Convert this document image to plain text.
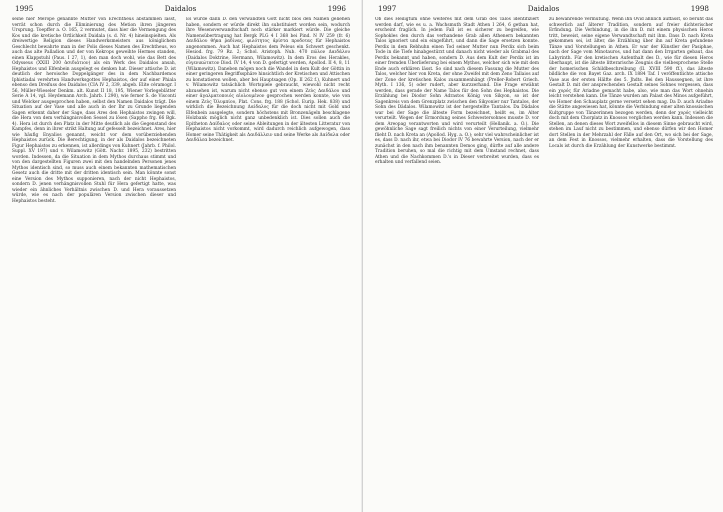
1995	Daidalos	1996

seine hier Merope genannte Mutter von Erechtheus abstammen lässt, verrät schon durch die Eliminierung des Metion ihren jüngeren Ursprung. Toepffer a. O. 165, 2 vermutet, dass hier die Vermengung des Kos und die kretische Ortlichkeit Daidala (s. d. Nr. 4) hineinspielten. Als dreiwertige Religion dieses Handwerksmeisters aus königlichem Geschlecht bewahrte man in der Polis dieses Namen des Erechtheus, wo auch das alte Palladion und der von Kekrops geweihte Hermes standen, einen Klappstuhl (Paus. I 27, 1), den man doch wohl, wie das Bett des Odysseus (XXIII 200 ἀσιδιάτιον) als ein Werk des Daidalos ansah, Hephaistos und Elfenbein ausgelegt es denken hat. Dieser attische D. ist deutlich der heroische Doppelgänger des in dem Nachbardemos Iphistiadai verehrten Handwerksgottes Hephaistos, der auf einer Phiala ebenso den Dreifuss des Daidalos (CIA IV 2, 339, abgeb. Elite céramogr. I 56, Müller-Wieseler Denkm. alt. Kunst II 18, 195, Wiener Vorlegeblätter Serie A 14, vgl. Heydemann Arch. Jahrb. I 290), wie ferner S. de Visconti und Welcker ausgesprochen haben, selbst den Namen Daidalos trägt. Die Situation auf der Vase und alle auch in der Ihr zu Grunde liegenden Sagen erkennt daher der Sage, dass Ares den Hephaistos zwingen will, die Hera von dem verhängnisvollen Sessel zu lösen (Sappho frg. 66 Bgk. 4). Hera ist durch den Platz in der Mitte deutlich als die Gegenstand des Kampfes, denn in ihrer strikt Haltung auf gefesselt bezeichnet. Ares, hier wie häufig Enyalios genannt, weicht vor dem vorüberziehenden Hephaistos zurück. Die Berechtigung, in der als Daidalos bezeichneten Figur Hephaistos zu erkennen, ist allerdings von Kuhnert (Jahrb. f. Philol. Suppl. XV 197) und v. Wilamowitz (Gött. Nachr. 1895, 232) bestritten worden. Indessen, da die Situation in dem Mythos durchaus stimmt und von den dargestellten Figuren zwei mit den handelnden Personen jenes Mythos identisch sind, so muss auch einem bekannten mathematischen Gesetz auch die dritte mit der dritten identisch sein. Man könnte sonst eine Version des Mythos supponieren, nach der nicht Hephaistos, sondern D. jenen verhängnisvollen Stuhl für Hera gefertigt hatte, was wieder ein ähnliches Verhältnis zwischen D. und Hera voraussetzen würde, wie es nach der populären Version zwischen dieser und Hephaistos besteht.

Es würde dann D. den verwandten Gott nicht blos den Namen geliehen haben, sondern er würde direkt ihn substituiert worden sein, wodurch ihre Wesensverwandtschaft noch stärker markiert würde. Die gleiche Namensübertragung hat Bergk PLG 4 I 368 bei Pind. N IV 259 (fr. 6) Δαιδάλου θήκα ῥαδίνας, φιλότητος ἀρίστα προδοτας für Hephaistos angenommen. Auch hat Hephaistos dem Peleus ein Schwert geschenkt. Hesiod. frg. 79 Rz. 2; Schol. Aristoph. Nub. 470 πῶλον Δαιδάλου (Daidalos Doktrine, Hermann, Wilamowitz). In dem Eros des Herakles, εὐγενικώτατον Diod. IV 14, 4 von D. gefertigt werden, Apollod. II 4, 8, 11 (Wilamowitz). Daneben mögen noch die Wandel in dem Kult der Göttin in einer geringeren Begriffssphäre hinsichtlich der Kretischen und Attischen zu konstatieren wollen, aber bei Hauptsagen (Op. II 262 f.), Kuhnert und v. Wilamowitz tatsächlich Wortspiele gebraucht, wiewohl nicht recht abzusehen ist, warum nicht ebenso gut von einem Ζεὺς Δαιδάλου und einer ἀγαλματοποιός αἰολουμένον gesprochen werden konnte, wie von einem Ζεὺς Ὀλυμπίου, Plat. Cons. frg. 188 (Schol. Eurip. Hek. 838) und wirklich die Bezeichnung Δαίδαλος für die doch nicht mit Gold und Elfenbein ausgelegte, sondern höchstens mit Bronzenägeln beschlagene Holzbank möglich nicht ganz unbedenklich ist. Dies sollen auch die Epitheton Δαίδαλος oder seine Ableitungen in der ältesten Litteratur von Hephaistos nicht vorkommt, wird dadurch reichlich aufgewogen, dass Homer seine Thätigkeit als Δαιδάλλειν und seine Werke als Δαίδαλα oder Δαιδάλεα bezeichnet.

1997	Daidalos	1998

Ob dies Heiligtum ohne weiteres mit dem Grab des Talos identifiziert werden darf, wie es u. a. Wachsmuth Stadt Athen I 264, 6 gethan hat, erscheint fraglich. In jedem Fall ist es sicherer zu begreifen, wie Sophokles den durch das verhandene Grab allen Athenern bekannten Talos ignoriert und ein eingeführt, und dann die Sage ersetzen konnte. Perdix in dem Rebhuhn einen Tod seiner Mutter nun Perdix sich beim Tode in die Tiefe hinabgestürzt und danach nicht wieder als Grabmal des Perdix bekannt und haben, sondern D. Aus dem Kult der Perdix ist im einer fremden Überlieferung bei einem Mythos, welcher sich wie mit dem Ende auch erklären lässt. So sind nach diesem Fassung die Mutter des Talos, welcher hier von Kreta, der ohne Zweifel mit dem Zeno Tallaios auf der Zone der kretischen Kalos zusammenhängt (Preller-Robert Griech. Myth. I 136, 5) oder rudert, aber kurzzerhand. Die Frage erwähnt werden, dass gerade der Name Talos für den Sohn des Hephaistos. Die Erzählung bei Diodor Sohn Adrastos König von Sikyon, so ist der Sagenkreis von dem Grenzplatz zwischen den Sikyonier nur Tantalos, der Sohn des Dädalos. Wilamowitz ist der hergestellte Tantalos. Da Dädalos war bei der Sage die älteste Form bezeichnet, heißt es, im Alter verurteilt. Wegen der Ermordung seines Schwestersohnes musste D. vor dem Areopag verantworten und wird verurteilt (Hellanik. a. O.). Die gewöhnliche Sage sagt freilich nichts von einer Verurteilung, vielmehr flieht D. nach Kreta an (Apollod. Hyg. a. O.); sehr viel wahrscheinlicher ist es, dass D. nach ihr, etwa bei Diodor IV 76 bewahrte Version, nach der er zunächst in den nach ihm benannten Demos ging, dürfte auf alle andere Tradition beruhen, so mal die richtig mit dem Umstand rechnet, dass Athen und die Nachkommen D.'s in Dieser verbreitet wurden, dass es erhalten und verfallend seien.

zu bewahrende Vermutung. Wenn ihn Ovid ähnlich auffasst, so beruht das schwerlich auf älterer Tradition, sondern auf freier dichterischer Erfindung. Die Verbindung, in die ihn D. mit einem physischen Heros tritt, beweist, seine eigene Verwandtschaft mit ihm. Dass D. nach Kreta gekommen sei, ist älter, die Erzählung über ihn auf Kreta gefundene Tänze und Vorstellungen in Athen. Er war der Künstler der Pasiphae, nach der Sage vom Minotauros, und hat dann den Irrgarten gebaut, das Labyrinth. Für den kretischen Aufenthalt des D., wie für diesen Heros überhaupt, ist die älteste litterarische Zeugnis die vielbesprochene Stelle der homerischen Schildbeschreibung (Il. XVIII 590 ff.), das älteste bildliche die von Bayet Gaz. arch. IX 1884 Taf. I veröffentlichte attische Vase aus der ersten Hälfte des 5. Jhdts. Bei den Haussegnen, ist ihre Gestalt D. mit der ansprechenden Gestalt seines Sohnes vergessen, dass ein χορός für Ariadne gemacht habe, also, wie man das Wort ohnehin leicht verstehen kann. Die Tänze wurden am Palast des Minos aufgeführt, wo Homer den Schauplatz gerne versetzt sehen mag. Da D. auch Ariadne die Stätte angewiesen hat, könnte die Verbindung einer alten knossischen Kultgruppe von Tänzerinnen bezogen werden, denn der χορός vielleicht doch mit dem Chorplatz in Knossos verglichen werden kann. Indessen die Stellen, an denen dieses Wort zweifellos in diesem Sinne gebraucht wird, stehen im Lauf nicht zu bestimmen, und ebenso dürfen wir den Homer dort Stellen in der Mehrzahl der Fälle auf den Ort, wo sich bei der Sage, an dem Fest in Knossos, vielmehr erhalten, dass die Vorstellung des Locals ist durch die Erzählung der Kunstwerke bestimmt.
